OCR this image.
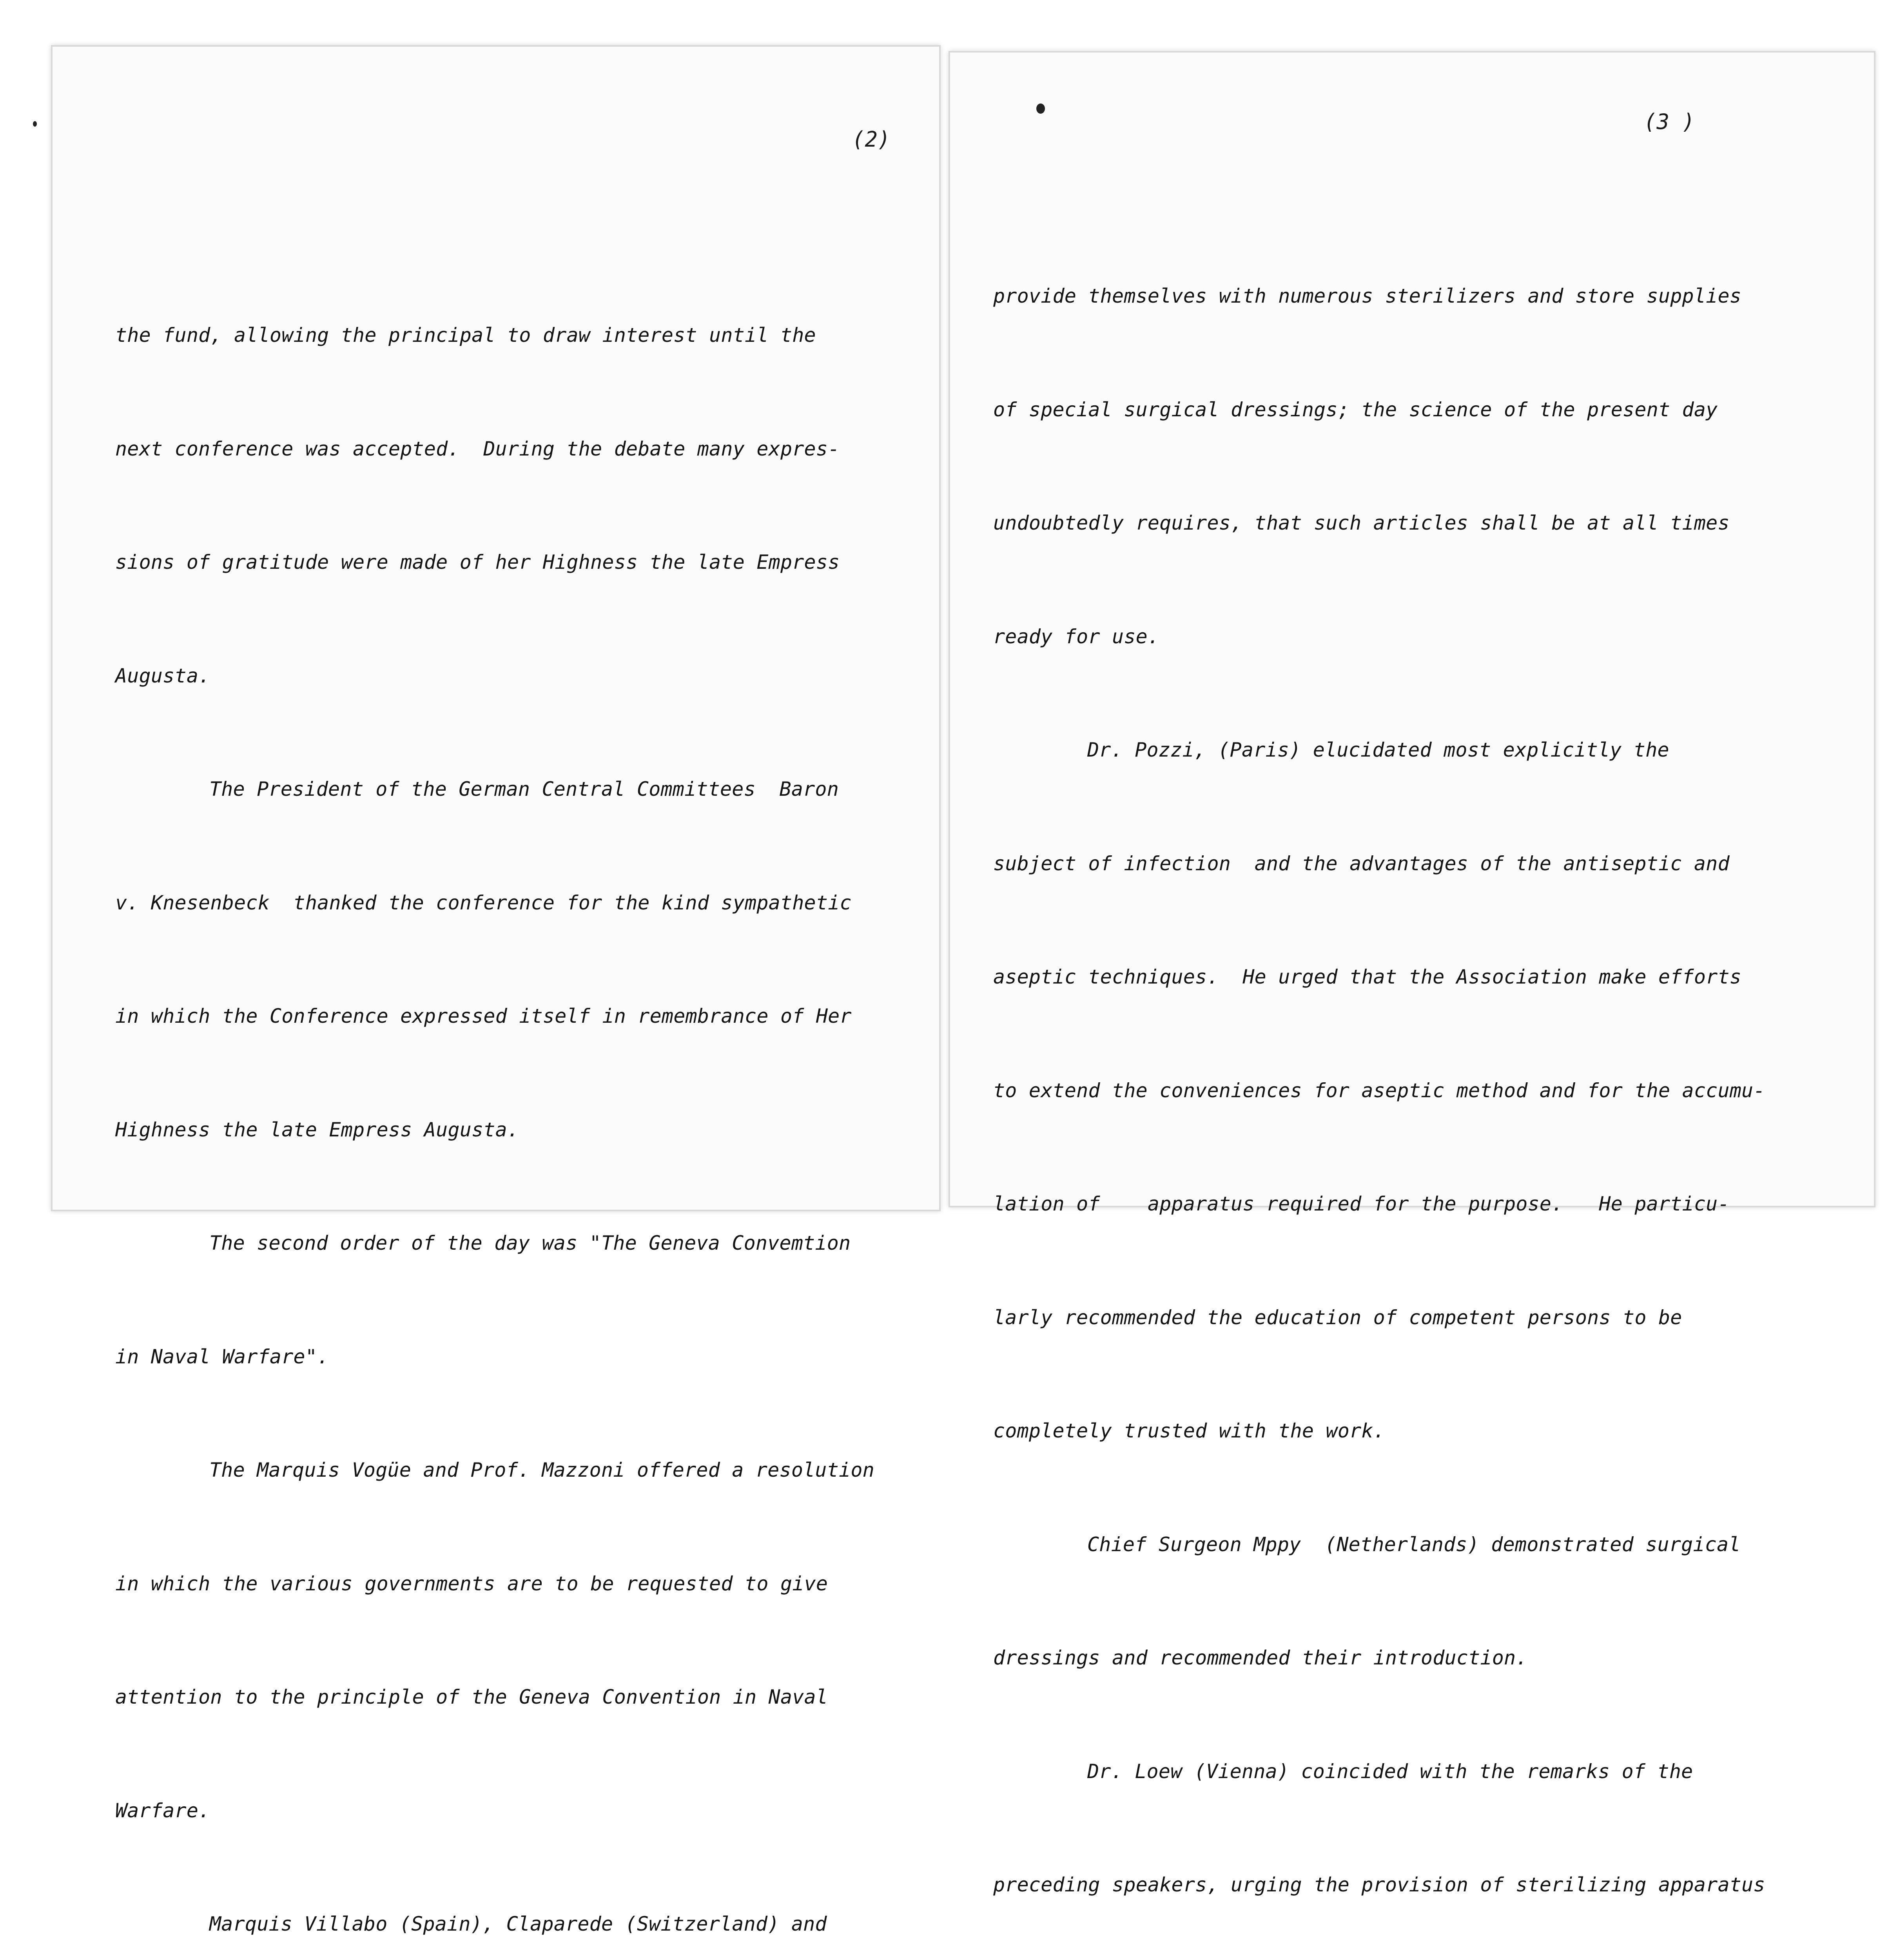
(2)

the fund, allowing the principal to draw interest until the

next conference was accepted.  During the debate many expres-

sions of gratitude were made of her Highness the late Empress

Augusta.

The President of the German Central Committees  Baron

v. Knesenbeck  thanked the conference for the kind sympathetic

in which the Conference expressed itself in remembrance of Her

Highness the late Empress Augusta.

The second order of the day was "The Geneva Convemtion

in Naval Warfare".

The Marquis Vogüe and Prof. Mazzoni offered a resolution

in which the various governments are to be requested to give

attention to the principle of the Geneva Convention in Naval

Warfare.

Marquis Villabo (Spain), Claparede (Switzerland) and

(3 )

provide themselves with numerous sterilizers and store supplies

of special surgical dressings; the science of the present day

undoubtedly requires, that such articles shall be at all times

ready for use.

Dr. Pozzi, (Paris) elucidated most explicitly the

subject of infection  and the advantages of the antiseptic and

aseptic techniques.  He urged that the Association make efforts

to extend the conveniences for aseptic method and for the accumu-

lation of    apparatus required for the purpose.   He particu-

larly recommended the education of competent persons to be

completely trusted with the work.

Chief Surgeon Mppy  (Netherlands) demonstrated surgical

dressings and recommended their introduction.

Dr. Loew (Vienna) coincided with the remarks of the

preceding speakers, urging the provision of sterilizing apparatus
